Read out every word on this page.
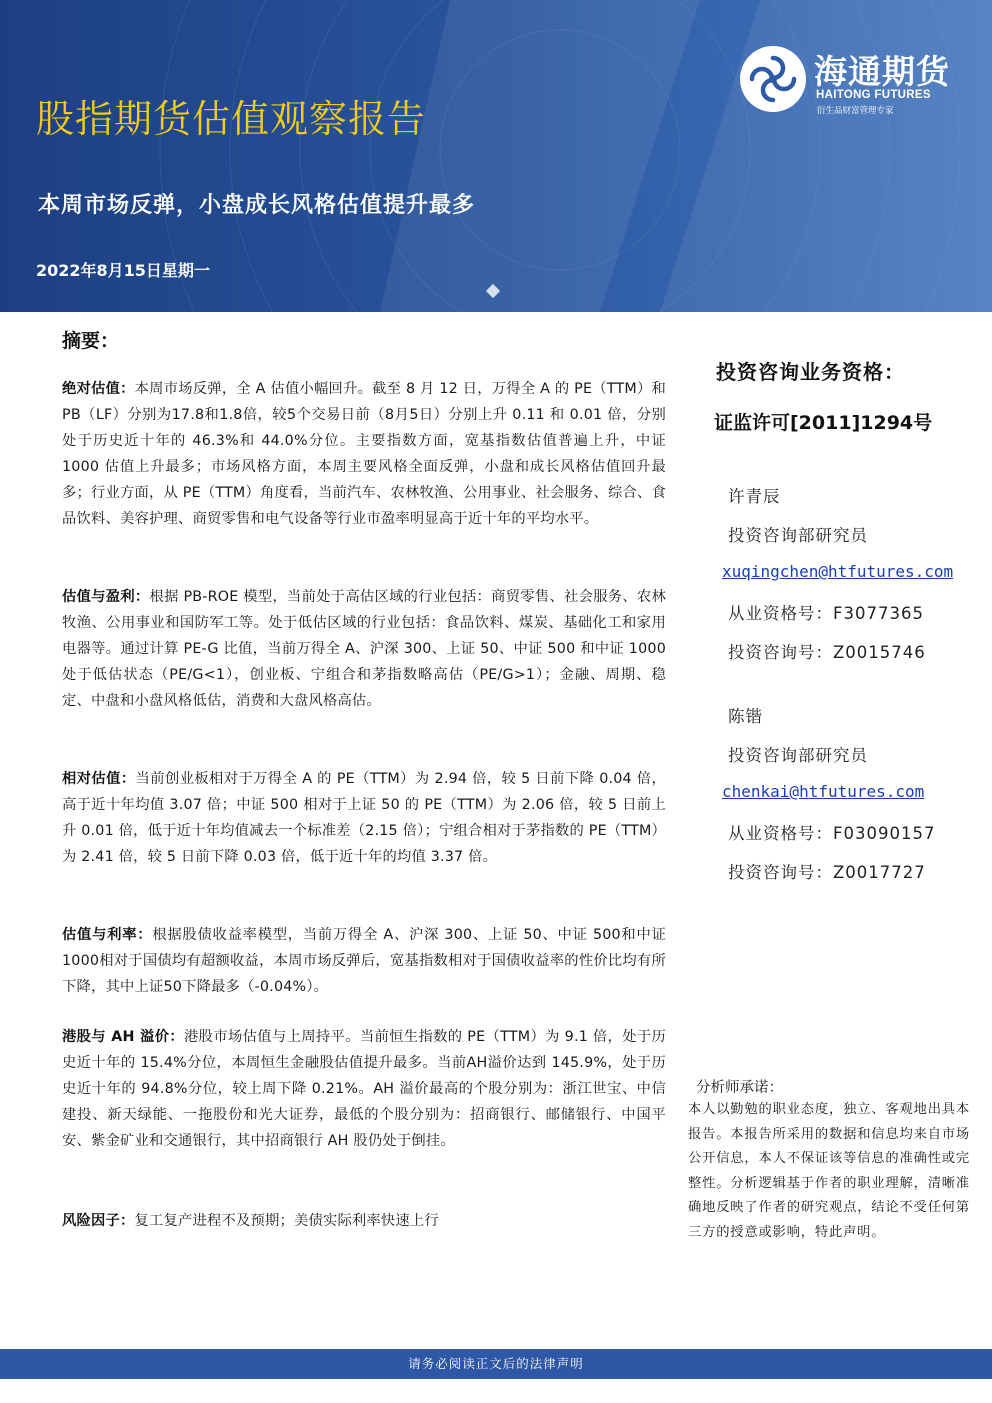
海通期货
HAITONG FUTURES
衍生品财富管理专家
股指期货估值观察报告
本周市场反弹，小盘成长风格估值提升最多
2022年8月15日星期一
摘要：
绝对估值：本周市场反弹，全 A 估值小幅回升。截至 8 月 12 日，万得全 A 的 PE（TTM）和PB（LF）分别为17.8和1.8倍，较5个交易日前（8月5日）分别上升 0.11 和 0.01 倍，分别处于历史近十年的 46.3%和 44.0%分位。主要指数方面，宽基指数估值普遍上升，中证 1000 估值上升最多；市场风格方面，本周主要风格全面反弹，小盘和成长风格估值回升最多；行业方面，从 PE（TTM）角度看，当前汽车、农林牧渔、公用事业、社会服务、综合、食品饮料、美容护理、商贸零售和电气设备等行业市盈率明显高于近十年的平均水平。
估值与盈利：根据 PB-ROE 模型，当前处于高估区域的行业包括：商贸零售、社会服务、农林牧渔、公用事业和国防军工等。处于低估区域的行业包括：食品饮料、煤炭、基础化工和家用电器等。通过计算 PE-G 比值，当前万得全 A、沪深 300、上证 50、中证 500 和中证 1000 处于低估状态（PE/G<1），创业板、宁组合和茅指数略高估（PE/G>1）；金融、周期、稳定、中盘和小盘风格低估，消费和大盘风格高估。
相对估值：当前创业板相对于万得全 A 的 PE（TTM）为 2.94 倍，较 5 日前下降 0.04 倍，高于近十年均值 3.07 倍；中证 500 相对于上证 50 的 PE（TTM）为 2.06 倍，较 5 日前上升 0.01 倍，低于近十年均值减去一个标准差（2.15 倍）；宁组合相对于茅指数的 PE（TTM）为 2.41 倍，较 5 日前下降 0.03 倍，低于近十年的均值 3.37 倍。
估值与利率：根据股债收益率模型，当前万得全 A、沪深 300、上证 50、中证 500和中证1000相对于国债均有超额收益，本周市场反弹后，宽基指数相对于国债收益率的性价比均有所下降，其中上证50下降最多（-0.04%）。
港股与 AH 溢价：港股市场估值与上周持平。当前恒生指数的 PE（TTM）为 9.1 倍，处于历史近十年的 15.4%分位，本周恒生金融股估值提升最多。当前AH溢价达到 145.9%，处于历史近十年的 94.8%分位，较上周下降 0.21%。AH 溢价最高的个股分别为：浙江世宝、中信建投、新天绿能、一拖股份和光大证券，最低的个股分别为：招商银行、邮储银行、中国平安、紫金矿业和交通银行，其中招商银行 AH 股仍处于倒挂。
风险因子：复工复产进程不及预期；美债实际利率快速上行
投资咨询业务资格：
证监许可[2011]1294号
许青辰
投资咨询部研究员
xuqingchen@htfutures.com
从业资格号：F3077365
投资咨询号：Z0015746
陈锴
投资咨询部研究员
chenkai@htfutures.com
从业资格号：F03090157
投资咨询号：Z0017727
分析师承诺：
本人以勤勉的职业态度，独立、客观地出具本报告。本报告所采用的数据和信息均来自市场公开信息，本人不保证该等信息的准确性或完整性。分析逻辑基于作者的职业理解，清晰准确地反映了作者的研究观点，结论不受任何第三方的授意或影响，特此声明。
请务必阅读正文后的法律声明
